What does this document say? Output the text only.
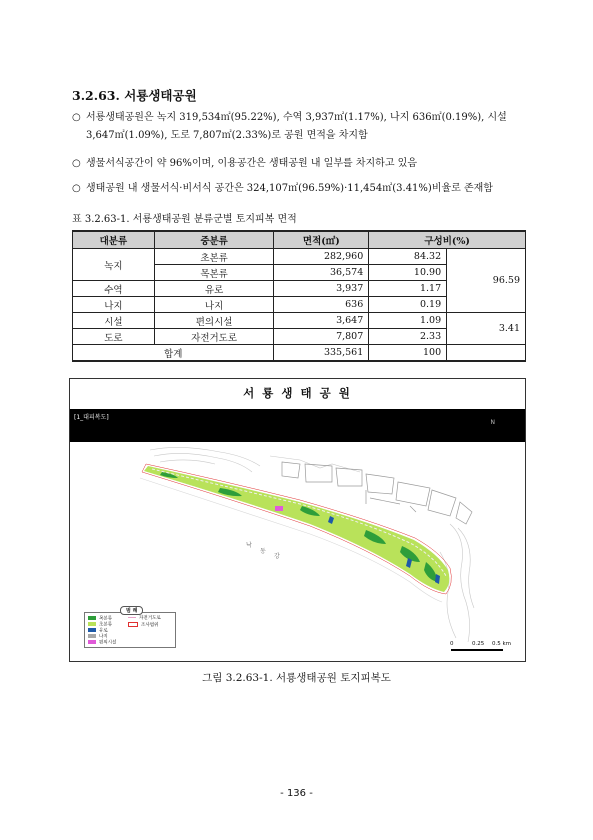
3.2.63. 서룡생태공원
○ 서룡생태공원은 녹지 319,534㎡(95.22%), 수역 3,937㎡(1.17%), 나지 636㎡(0.19%), 시설
3,647㎡(1.09%), 도로 7,807㎡(2.33%)로 공원 면적을 차지함
○ 생물서식공간이 약 96%이며, 이용공간은 생태공원 내 일부를 차지하고 있음
○ 생태공원 내 생물서식·비서식 공간은 324,107㎡(96.59%)·11,454㎡(3.41%)비율로 존재함
표 3.2.63-1. 서룡생태공원 분류군별 토지피복 면적
대분류	중분류	면적(㎡)	구성비(%)	
녹지	초본류	282,960	84.32	96.59
	목본류	36,574	10.90	
수역	유로	3,937	1.17	
나지	나지	636	0.19	
시설	편의시설	3,647	1.09	3.41
도로	자전거도로	7,807	2.33	
합계		335,561	100	
서 룡 생 태 공 원
[1_대피복도]
N
낙
동
강
범 례
목본류
초본류
유로
나지
편의시설
자전거도로
조사범위
0	0.25 0.5 km
그림 3.2.63-1. 서룡생태공원 토지피복도
- 136 -
